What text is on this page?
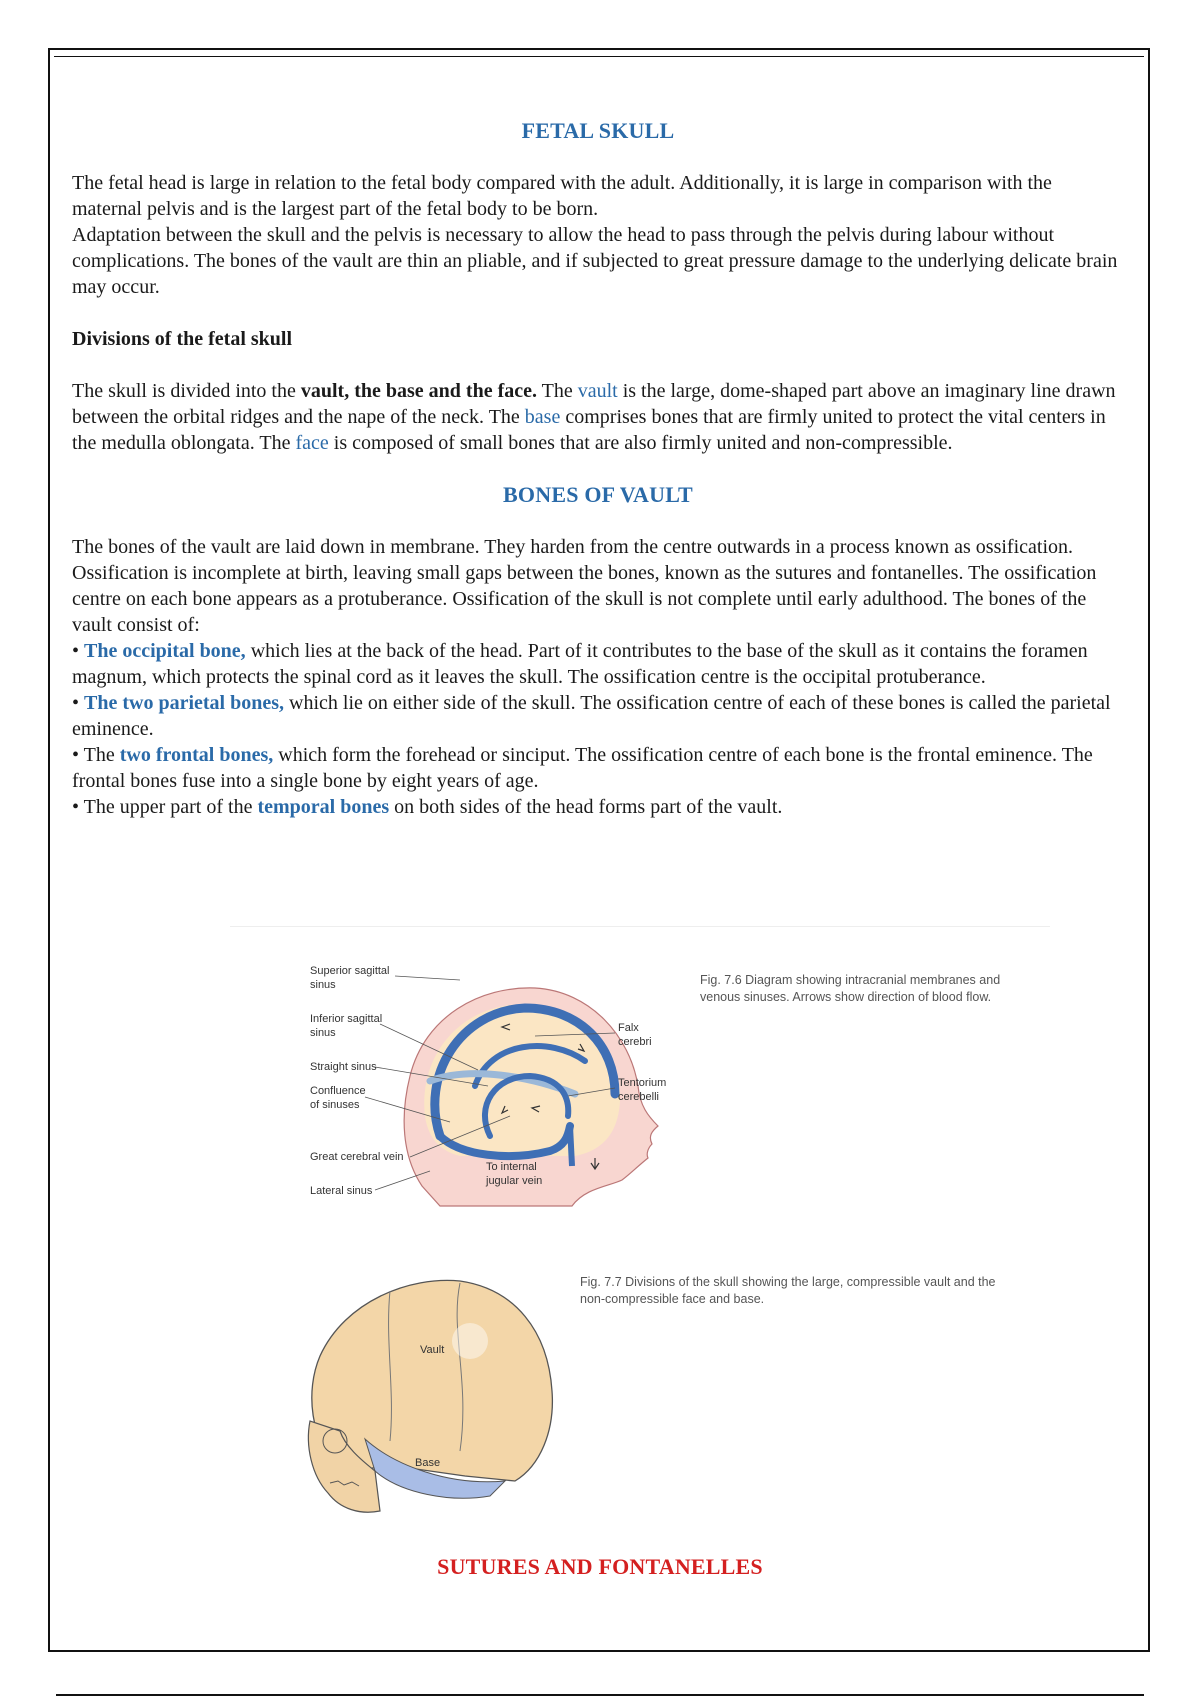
FETAL SKULL

The fetal head is large in relation to the fetal body compared with the adult. Additionally, it is large in comparison with the maternal pelvis and is the largest part of the fetal body to be born.

Adaptation between the skull and the pelvis is necessary to allow the head to pass through the pelvis during labour without complications. The bones of the vault are thin an pliable, and if subjected to great pressure damage to the underlying delicate brain may occur.

Divisions of the fetal skull

The skull is divided into the vault, the base and the face. The vault is the large, dome-shaped part above an imaginary line drawn between the orbital ridges and the nape of the neck. The base comprises bones that are firmly united to protect the vital centers in the medulla oblongata. The face is composed of small bones that are also firmly united and non-compressible.

BONES OF VAULT

The bones of the vault are laid down in membrane. They harden from the centre outwards in a process known as ossification. Ossification is incomplete at birth, leaving small gaps between the bones, known as the sutures and fontanelles. The ossification centre on each bone appears as a protuberance. Ossification of the skull is not complete until early adulthood. The bones of the vault consist of:

• The occipital bone, which lies at the back of the head. Part of it contributes to the base of the skull as it contains the foramen magnum, which protects the spinal cord as it leaves the skull. The ossification centre is the occipital protuberance.

• The two parietal bones, which lie on either side of the skull. The ossification centre of each of these bones is called the parietal eminence.

• The two frontal bones, which form the forehead or sinciput. The ossification centre of each bone is the frontal eminence. The frontal bones fuse into a single bone by eight years of age.

• The upper part of the temporal bones on both sides of the head forms part of the vault.

Superior sagittal
sinus
Inferior sagittal
sinus
Straight sinus
Confluence
of sinuses
Great cerebral vein
Lateral sinus
Falx
cerebri
Tentorium
cerebelli
To internal
jugular vein
Fig. 7.6 Diagram showing intracranial membranes and
venous sinuses. Arrows show direction of blood flow.
Vault
Base
Fig. 7.7 Divisions of the skull showing the large, compressible vault and the
non-compressible face and base.
SUTURES AND FONTANELLES
